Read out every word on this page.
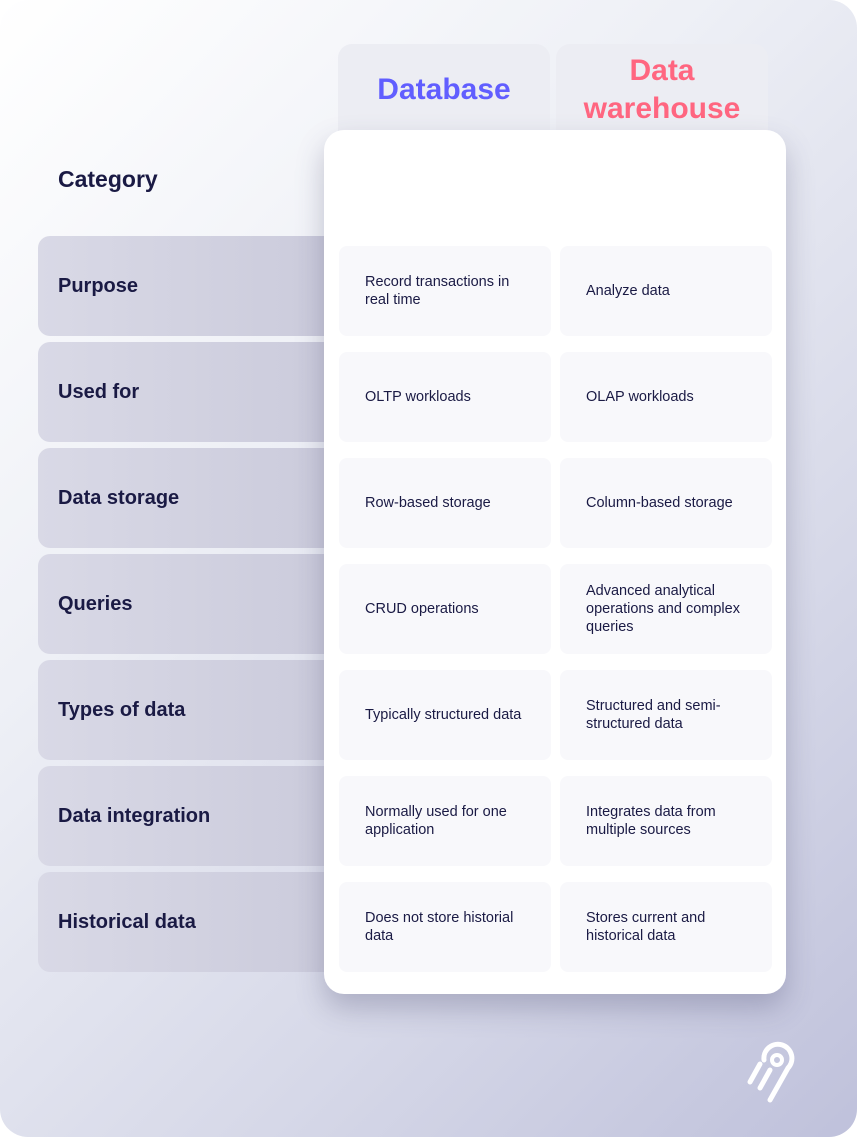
Database
Data
warehouse
Category
Purpose
Used for
Data storage
Queries
Types of data
Data integration
Historical data
Record transactions in real time
OLTP workloads
Row-based storage
CRUD operations
Typically structured data
Normally used for one application
Does not store historial data
Analyze data
OLAP workloads
Column-based storage
Advanced analytical operations and complex queries
Structured and semi-structured data
Integrates data from multiple sources
Stores current and historical data
